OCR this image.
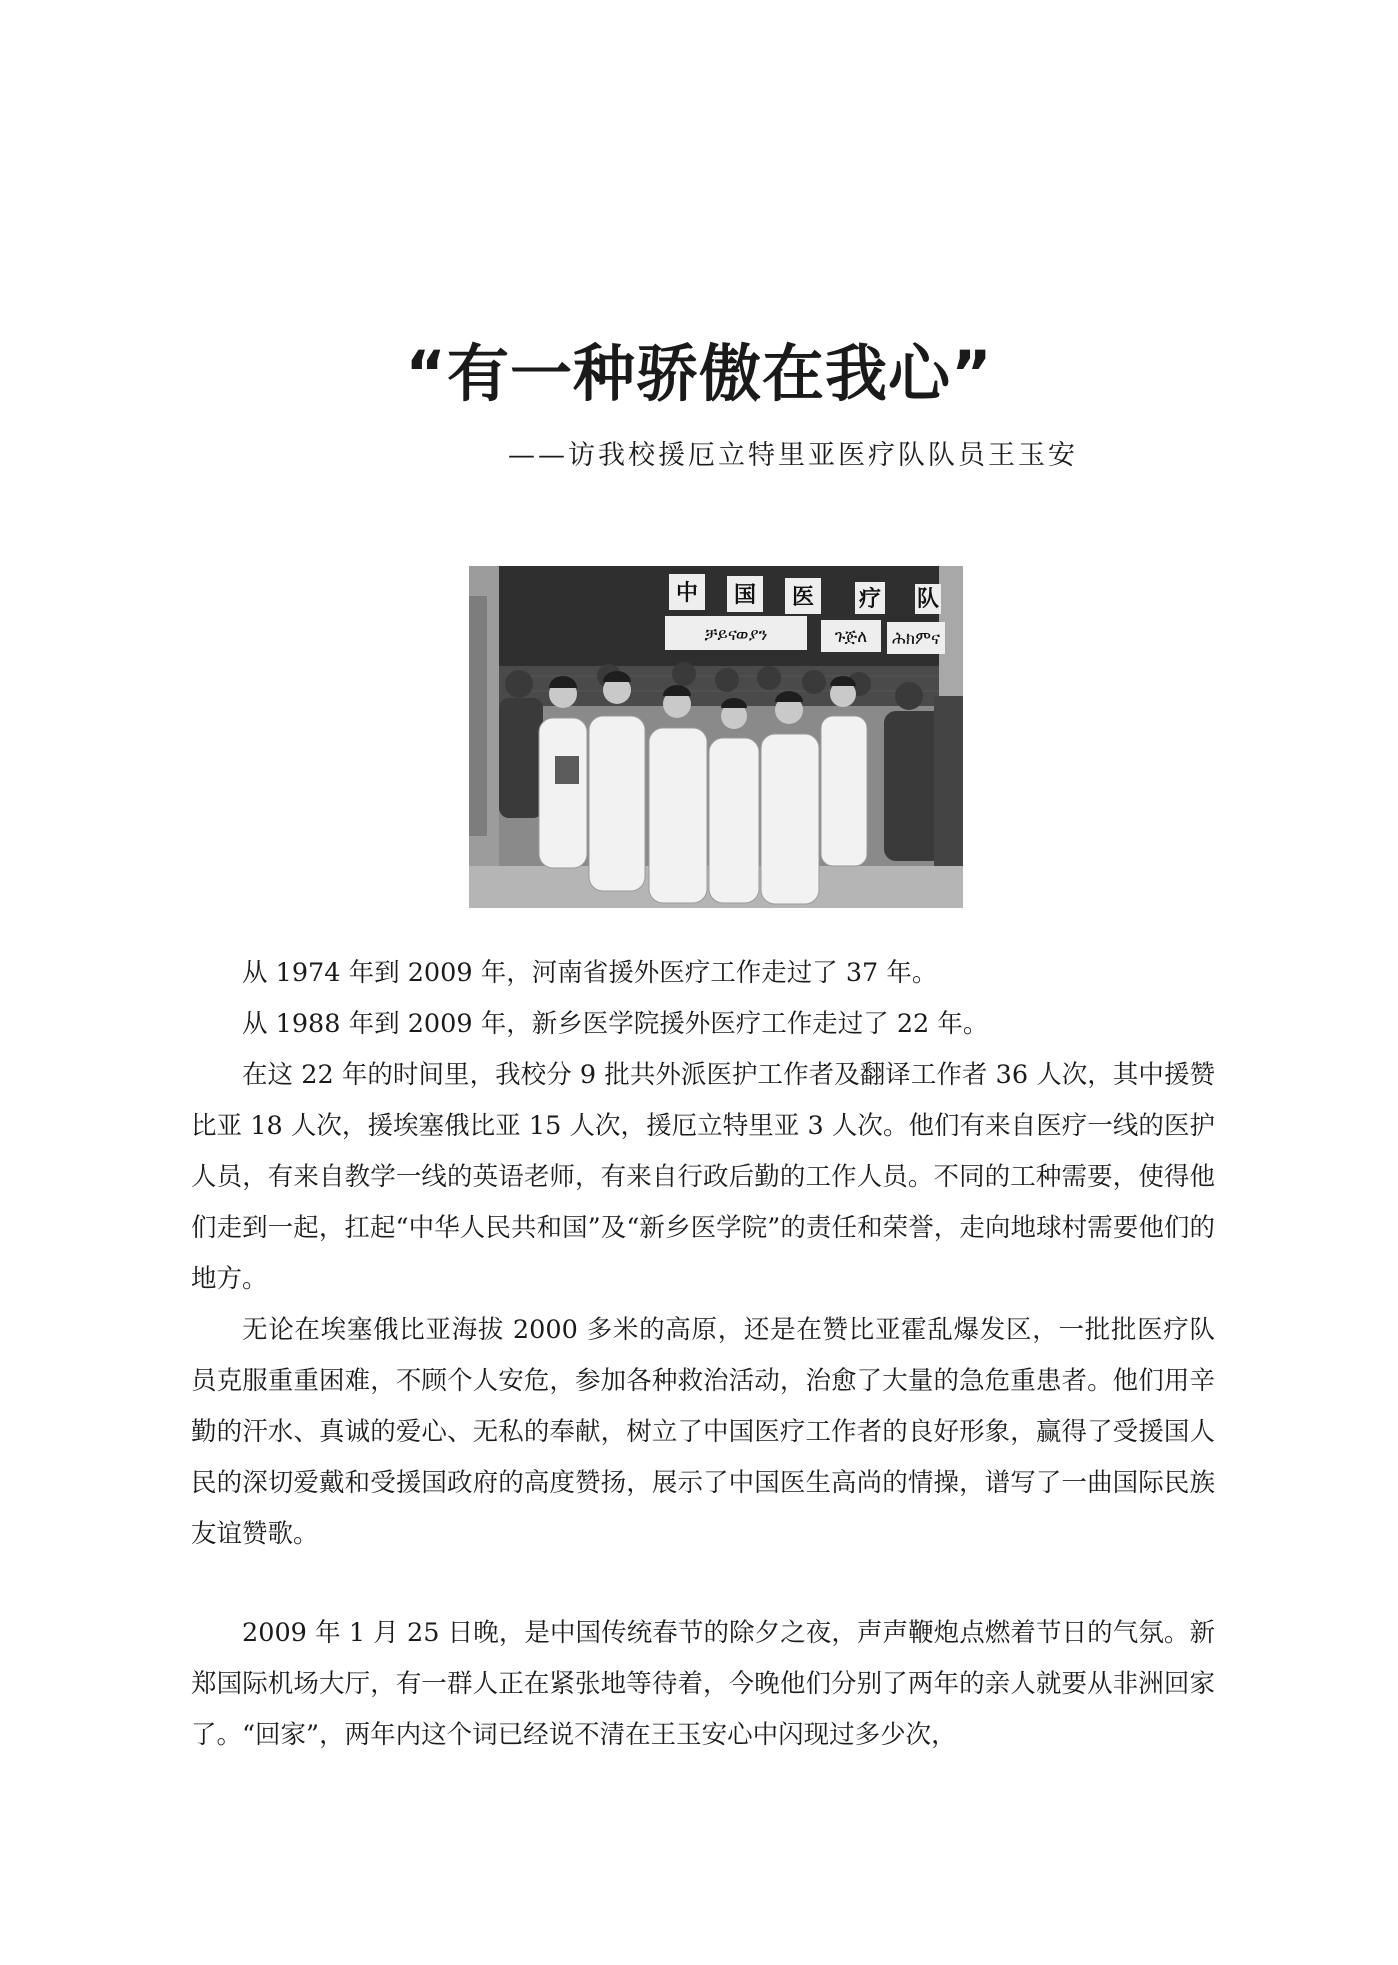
“有一种骄傲在我心”
——访我校援厄立特里亚医疗队队员王玉安
中 国 医 疗 队
ቻይናወያን	ጉጅለ ሕክምና

从 1974 年到 2009 年，河南省援外医疗工作走过了 37 年。

从 1988 年到 2009 年，新乡医学院援外医疗工作走过了 22 年。

在这 22 年的时间里，我校分 9 批共外派医护工作者及翻译工作者 36 人次，其中援赞比亚 18 人次，援埃塞俄比亚 15 人次，援厄立特里亚 3 人次。他们有来自医疗一线的医护人员，有来自教学一线的英语老师，有来自行政后勤的工作人员。不同的工种需要，使得他们走到一起，扛起“中华人民共和国”及“新乡医学院”的责任和荣誉，走向地球村需要他们的地方。

无论在埃塞俄比亚海拔 2000 多米的高原，还是在赞比亚霍乱爆发区，一批批医疗队员克服重重困难，不顾个人安危，参加各种救治活动，治愈了大量的急危重患者。他们用辛勤的汗水、真诚的爱心、无私的奉献，树立了中国医疗工作者的良好形象，赢得了受援国人民的深切爱戴和受援国政府的高度赞扬，展示了中国医生高尚的情操，谱写了一曲国际民族友谊赞歌。

2009 年 1 月 25 日晚，是中国传统春节的除夕之夜，声声鞭炮点燃着节日的气氛。新郑国际机场大厅，有一群人正在紧张地等待着，今晚他们分别了两年的亲人就要从非洲回家了。“回家”，两年内这个词已经说不清在王玉安心中闪现过多少次，
